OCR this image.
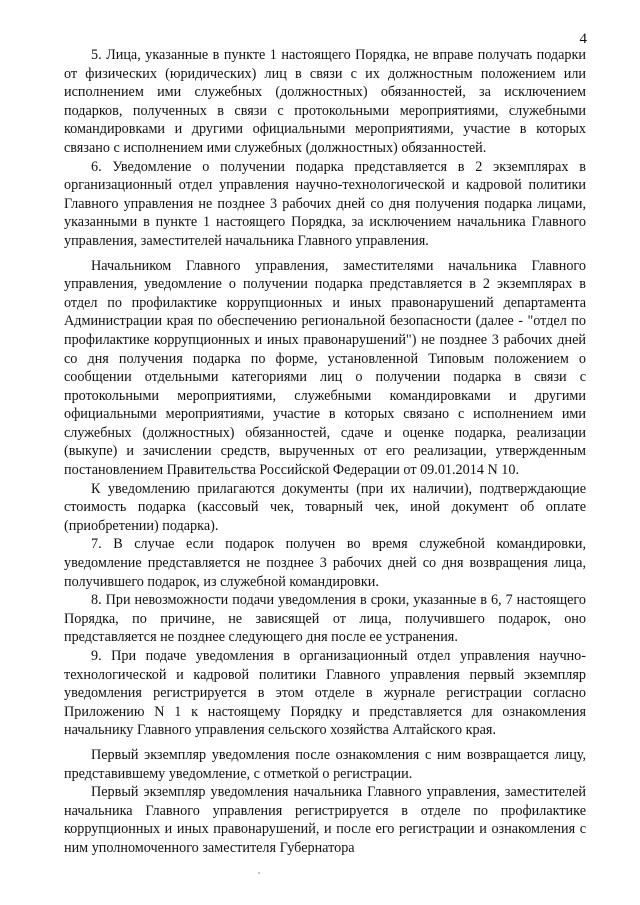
4

5. Лица, указанные в пункте 1 настоящего Порядка, не вправе получать подарки от физических (юридических) лиц в связи с их должностным положением или исполнением ими служебных (должностных) обязанностей, за исключением подарков, полученных в связи с протокольными мероприятиями, служебными командировками и другими официальными мероприятиями, участие в которых связано с исполнением ими служебных (должностных) обязанностей.

6. Уведомление о получении подарка представляется в 2 экземплярах в организационный отдел управления научно-технологической и кадровой политики Главного управления не позднее 3 рабочих дней со дня получения подарка лицами, указанными в пункте 1 настоящего Порядка, за исключением начальника Главного управления, заместителей начальника Главного управления.

Начальником Главного управления, заместителями начальника Главного управления, уведомление о получении подарка представляется в 2 экземплярах в отдел по профилактике коррупционных и иных правонарушений департамента Администрации края по обеспечению региональной безопасности (далее - "отдел по профилактике коррупционных и иных правонарушений") не позднее 3 рабочих дней со дня получения подарка по форме, установленной Типовым положением о сообщении отдельными категориями лиц о получении подарка в связи с протокольными мероприятиями, служебными командировками и другими официальными мероприятиями, участие в которых связано с исполнением ими служебных (должностных) обязанностей, сдаче и оценке подарка, реализации (выкупе) и зачислении средств, вырученных от его реализации, утвержденным постановлением Правительства Российской Федерации от 09.01.2014 N 10.

К уведомлению прилагаются документы (при их наличии), подтверждающие стоимость подарка (кассовый чек, товарный чек, иной документ об оплате (приобретении) подарка).

7. В случае если подарок получен во время служебной командировки, уведомление представляется не позднее 3 рабочих дней со дня возвращения лица, получившего подарок, из служебной командировки.

8. При невозможности подачи уведомления в сроки, указанные в 6, 7 настоящего Порядка, по причине, не зависящей от лица, получившего подарок, оно представляется не позднее следующего дня после ее устранения.

9. При подаче уведомления в организационный отдел управления научно-технологической и кадровой политики Главного управления первый экземпляр уведомления регистрируется в этом отделе в журнале регистрации согласно Приложению N 1 к настоящему Порядку и представляется для ознакомления начальнику Главного управления сельского хозяйства Алтайского края.

Первый экземпляр уведомления после ознакомления с ним возвращается лицу, представившему уведомление, с отметкой о регистрации.

Первый экземпляр уведомления начальника Главного управления, заместителей начальника Главного управления регистрируется в отделе по профилактике коррупционных и иных правонарушений, и после его регистрации и ознакомления с ним уполномоченного заместителя Губернатора
